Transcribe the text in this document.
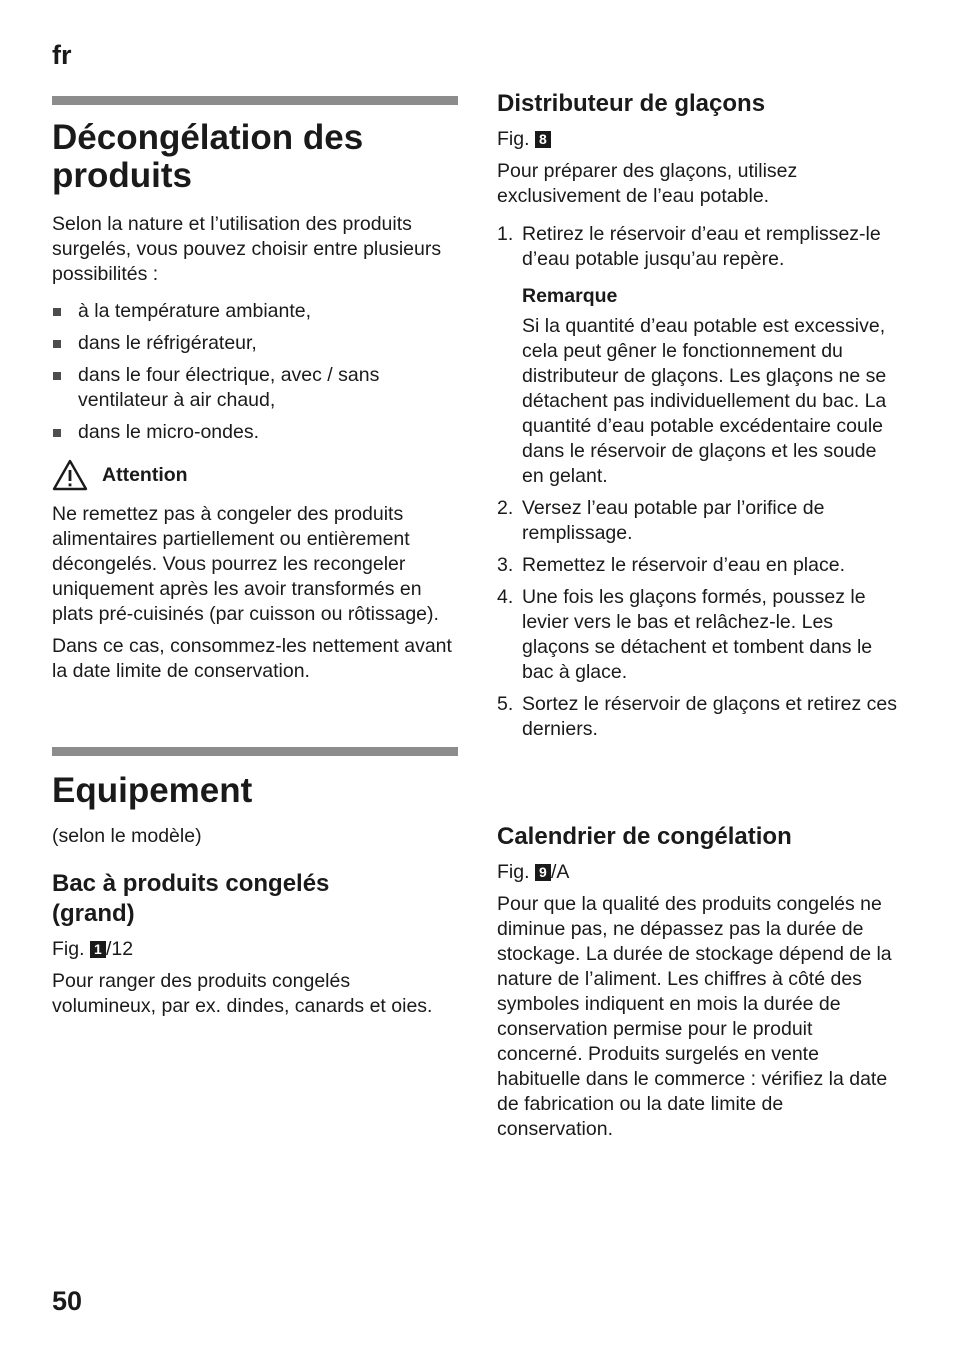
fr
Décongélation des
produits

Selon la nature et l’utilisation des produits surgelés, vous pouvez choisir entre plusieurs possibilités :

à la température ambiante,
dans le réfrigérateur,
dans le four électrique, avec / sans ventilateur à air chaud,
dans le micro-ondes.
Attention

Ne remettez pas à congeler des produits alimentaires partiellement ou entièrement décongelés. Vous pourrez les recongeler uniquement après les avoir transformés en plats pré-cuisinés (par cuisson ou rôtissage).

Dans ce cas, consommez-les nettement avant la date limite de conservation.

Equipement

(selon le modèle)

Bac à produits congelés
(grand)
Fig. 1 /12

Pour ranger des produits congelés volumineux, par ex. dindes, canards et oies.

Distributeur de glaçons
Fig. 8

Pour préparer des glaçons, utilisez exclusivement de l’eau potable.

1. Retirez le réservoir d’eau et remplissez-le d’eau potable jusqu’au repère.
Remarque
Si la quantité d’eau potable est excessive, cela peut gêner le fonctionnement du distributeur de glaçons. Les glaçons ne se détachent pas individuellement du bac. La quantité d’eau potable excédentaire coule dans le réservoir de glaçons et les soude en gelant.
2. Versez l’eau potable par l’orifice de remplissage.
3. Remettez le réservoir d’eau en place.
4. Une fois les glaçons formés, poussez le levier vers le bas et relâchez-le. Les glaçons se détachent et tombent dans le bac à glace.
5. Sortez le réservoir de glaçons et retirez ces derniers.
Calendrier de congélation
Fig. 9 /A

Pour que la qualité des produits congelés ne diminue pas, ne dépassez pas la durée de stockage. La durée de stockage dépend de la nature de l’aliment. Les chiffres à côté des symboles indiquent en mois la durée de conservation permise pour le produit concerné. Produits surgelés en vente habituelle dans le commerce : vérifiez la date de fabrication ou la date limite de conservation.

50
